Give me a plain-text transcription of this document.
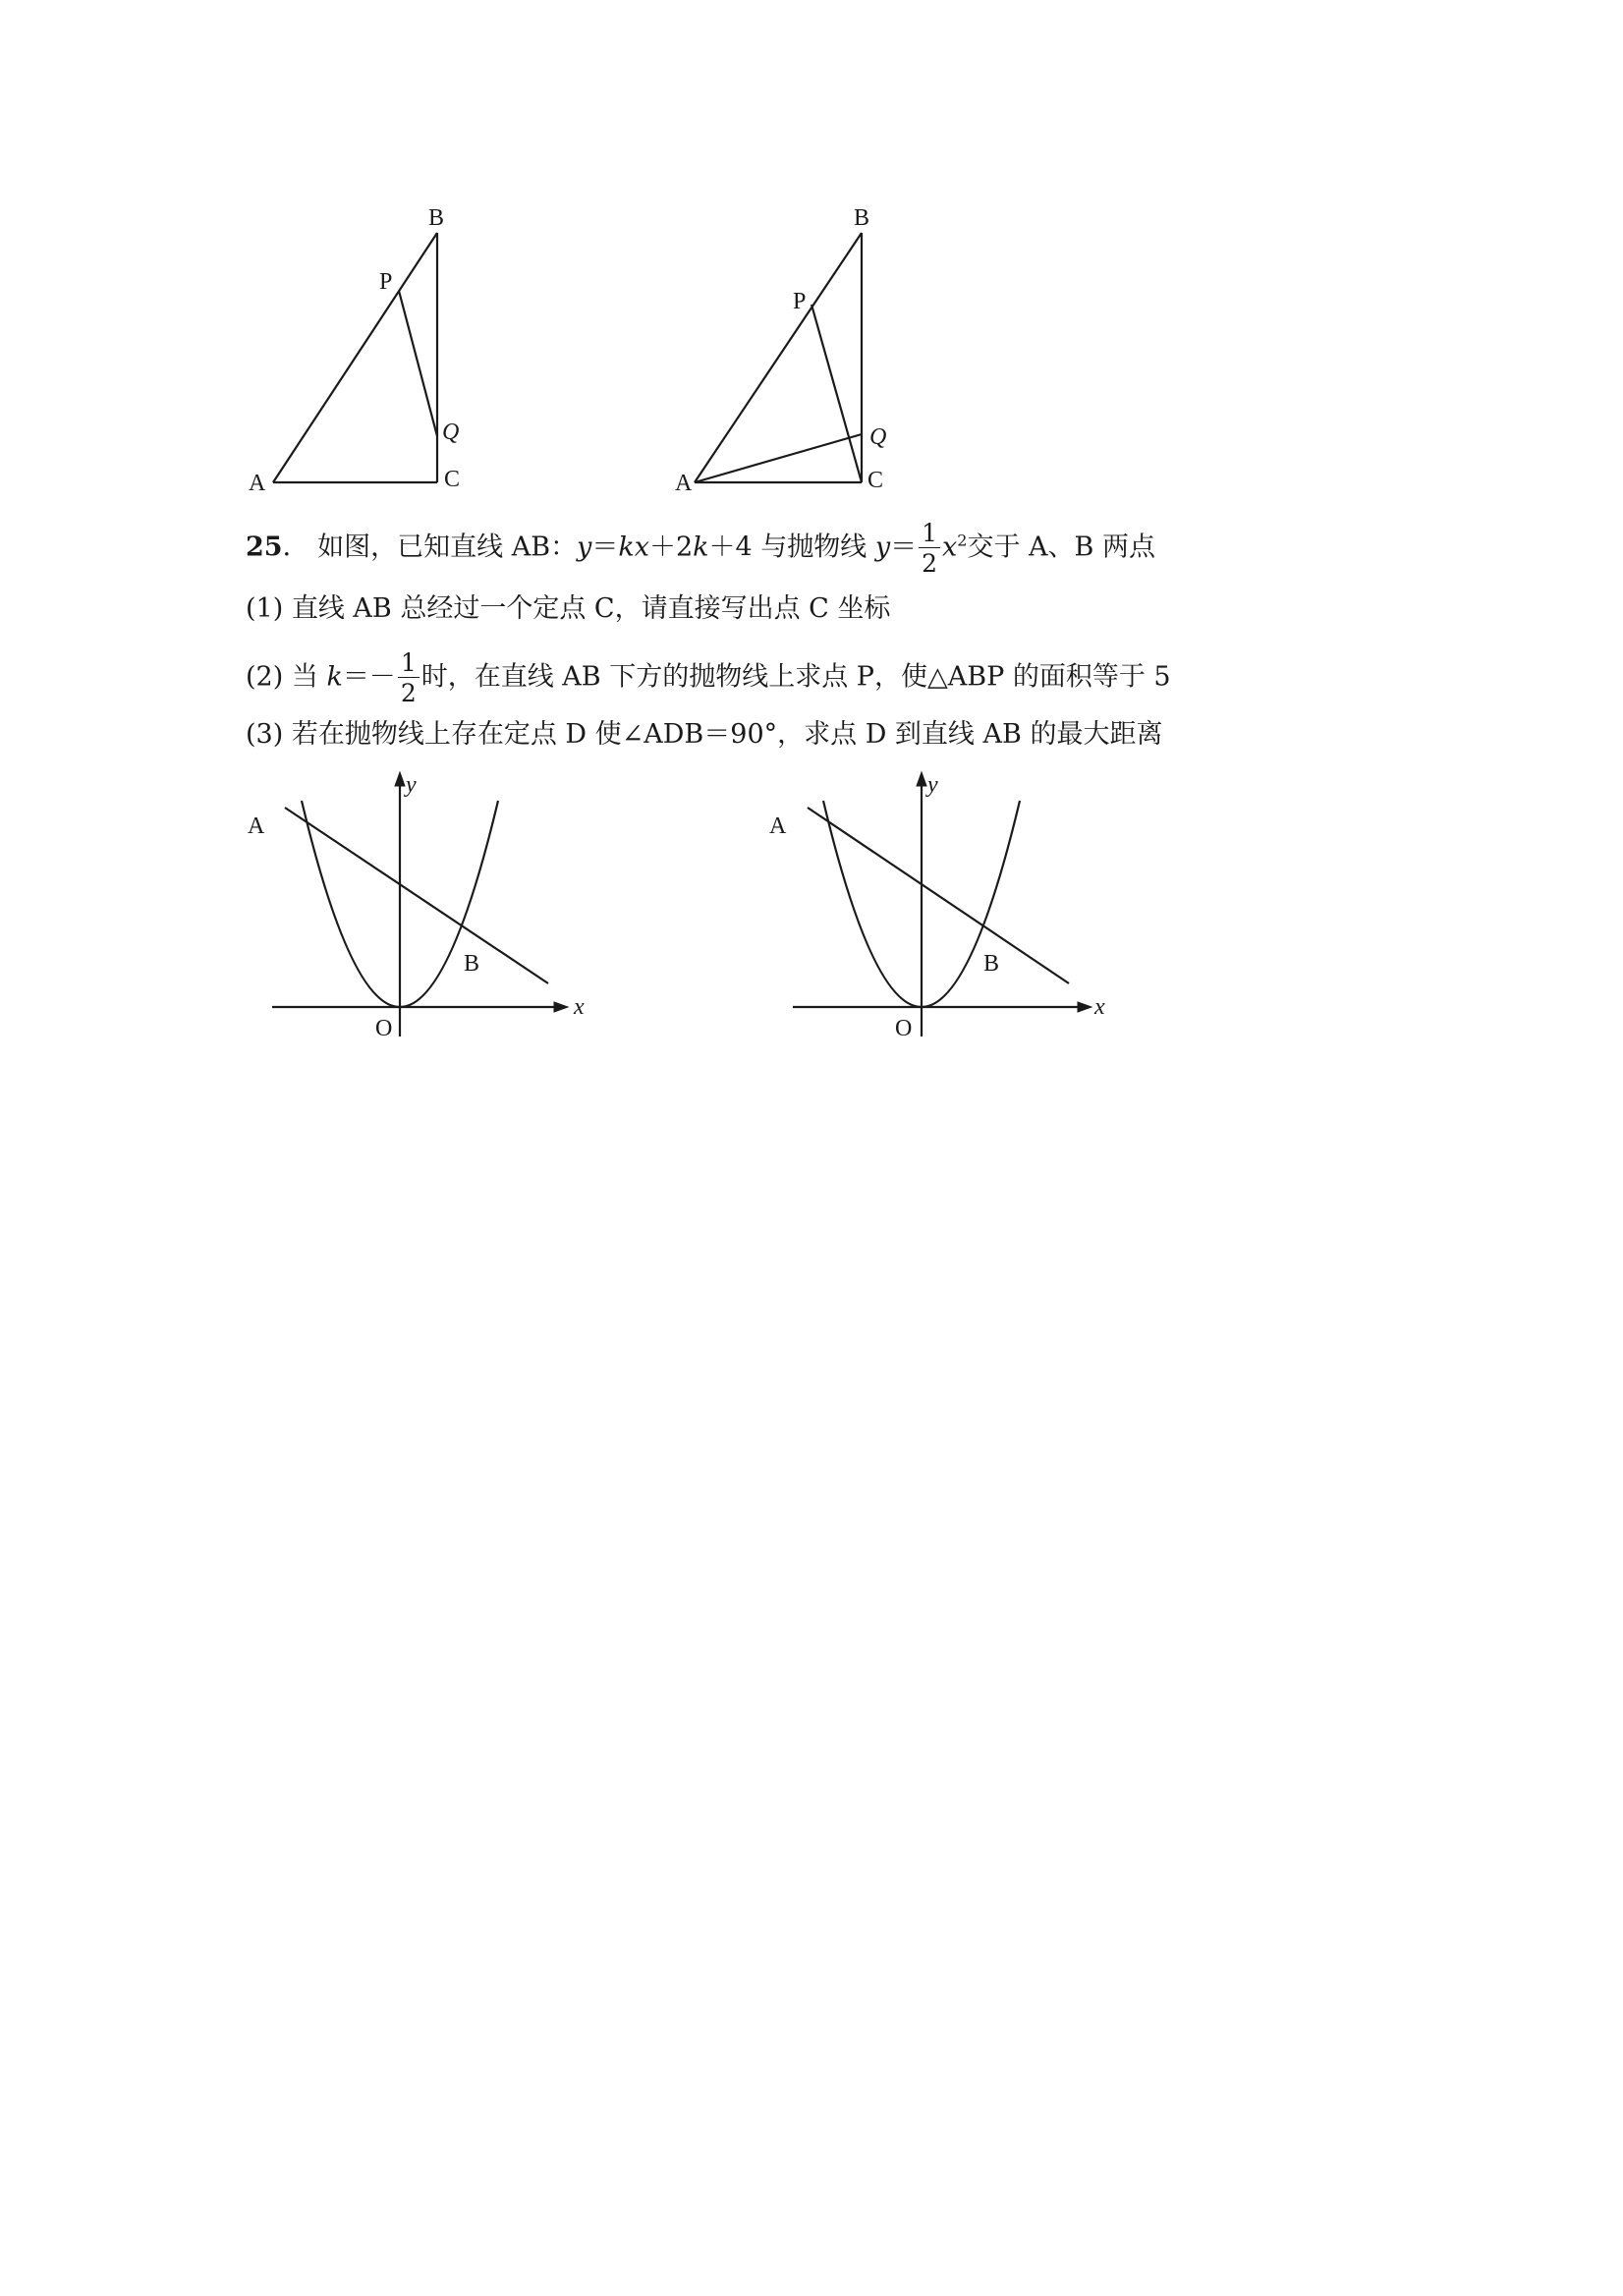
B
P
Q
A	C
B
P
Q
A	C
25． 如图，已知直线 AB：y＝kx＋2k＋4 与抛物线 $y= \frac{1}{2} x^2$交于 A、B 两点
(1) 直线 AB 总经过一个定点 C，请直接写出点 C 坐标
(2) 当 $k=- \frac{1}{2}$ 时，在直线 AB 下方的抛物线上求点 P，使△ABP 的面积等于 5
(3) 若在抛物线上存在定点 D 使∠ADB＝90°，求点 D 到直线 AB 的最大距离
A
B
O
x
y
A
B
O
x
y
